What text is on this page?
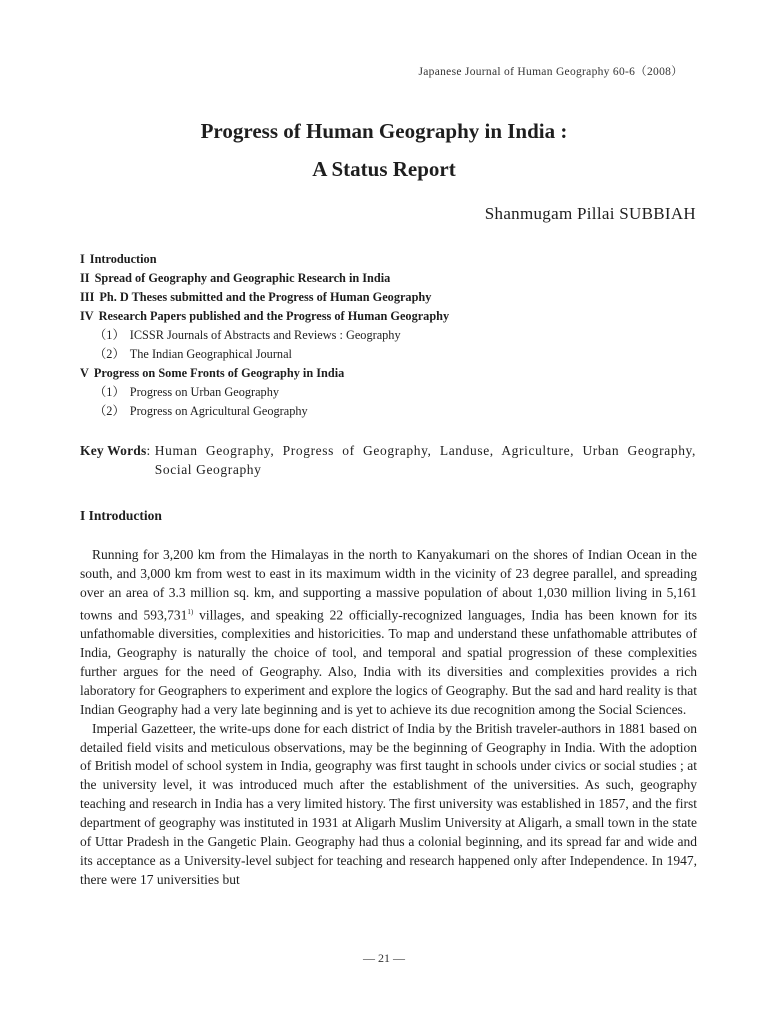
Japanese Journal of Human Geography 60-6（2008）
Progress of Human Geography in India :
A Status Report
Shanmugam Pillai SUBBIAH
I Introduction
II Spread of Geography and Geographic Research in India
III Ph. D Theses submitted and the Progress of Human Geography
IV Research Papers published and the Progress of Human Geography
（1） ICSSR Journals of Abstracts and Reviews : Geography
（2） The Indian Geographical Journal
V Progress on Some Fronts of Geography in India
（1） Progress on Urban Geography
（2） Progress on Agricultural Geography
Key Words : Human Geography, Progress of Geography, Landuse, Agriculture, Urban Geography, Social Geography
I Introduction

Running for 3,200 km from the Himalayas in the north to Kanyakumari on the shores of Indian Ocean in the south, and 3,000 km from west to east in its maximum width in the vicinity of 23 degree parallel, and spreading over an area of 3.3 million sq. km, and supporting a massive population of about 1,030 million living in 5,161 towns and 593,731$^{1)}$ villages, and speaking 22 officially-recognized languages, India has been known for its unfathomable diversities, complexities and historicities. To map and understand these unfathomable attributes of India, Geography is naturally the choice of tool, and temporal and spatial progression of these complexities further argues for the need of Geography. Also, India with its diversities and complexities provides a rich laboratory for Geographers to experiment and explore the logics of Geography. But the sad and hard reality is that Indian Geography had a very late beginning and is yet to achieve its due recognition among the Social Sciences.

Imperial Gazetteer, the write-ups done for each district of India by the British traveler-authors in 1881 based on detailed field visits and meticulous observations, may be the beginning of Geography in India. With the adoption of British model of school system in India, geography was first taught in schools under civics or social studies ; at the university level, it was introduced much after the establishment of the universities. As such, geography teaching and research in India has a very limited history. The first university was established in 1857, and the first department of geography was instituted in 1931 at Aligarh Muslim University at Aligarh, a small town in the state of Uttar Pradesh in the Gangetic Plain. Geography had thus a colonial beginning, and its spread far and wide and its acceptance as a University-level subject for teaching and research happened only after Independence. In 1947, there were 17 universities but

— 21 —
